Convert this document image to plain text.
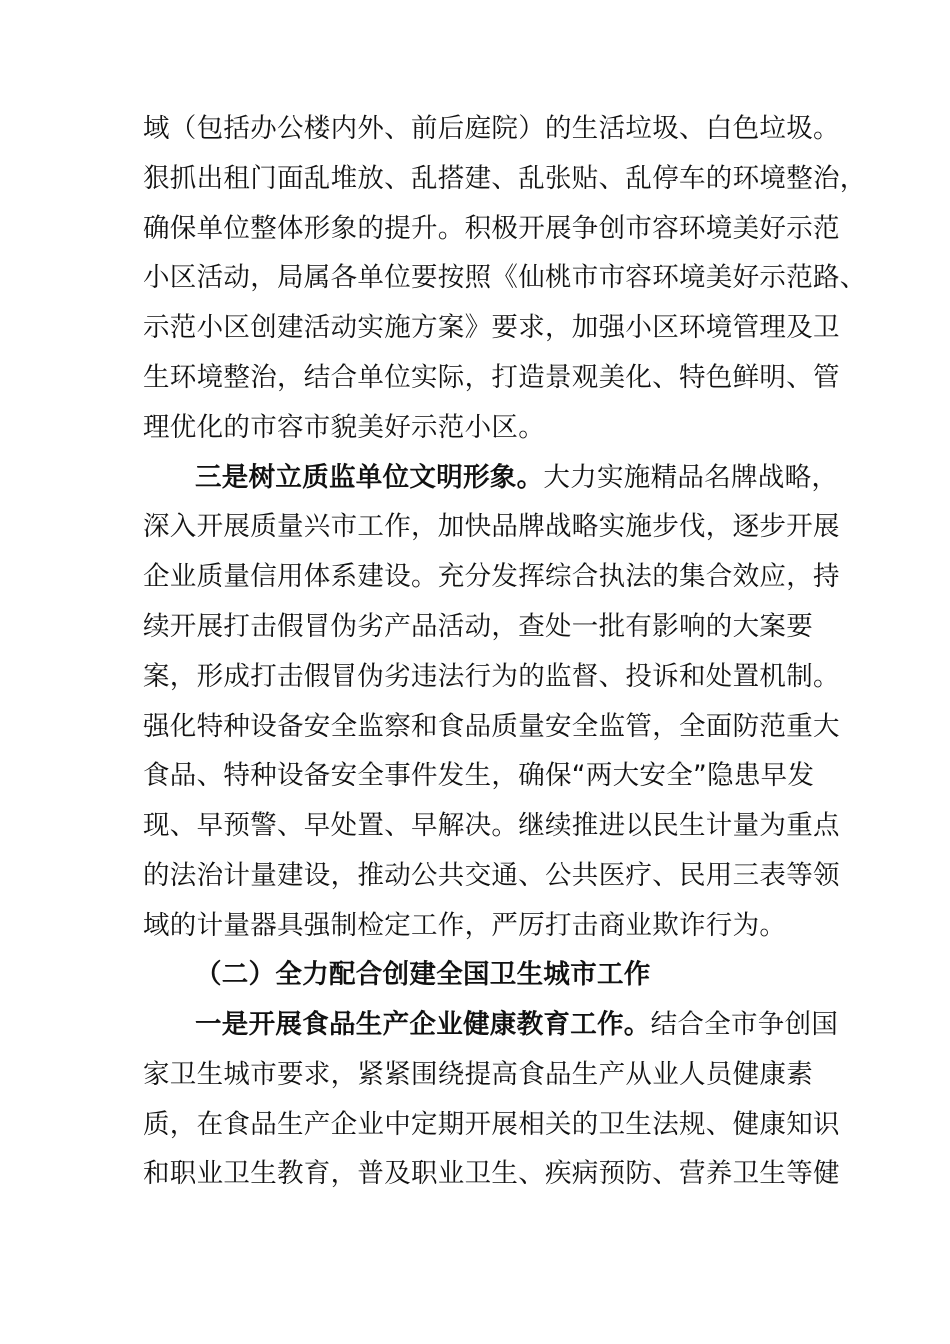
域（包括办公楼内外、前后庭院）的生活垃圾、白色垃圾。
狠抓出租门面乱堆放、乱搭建、乱张贴、乱停车的环境整治，
确保单位整体形象的提升。积极开展争创市容环境美好示范
小区活动，局属各单位要按照《仙桃市市容环境美好示范路、
示范小区创建活动实施方案》要求，加强小区环境管理及卫
生环境整治，结合单位实际，打造景观美化、特色鲜明、管
理优化的市容市貌美好示范小区。
三是树立质监单位文明形象。大力实施精品名牌战略，
深入开展质量兴市工作，加快品牌战略实施步伐，逐步开展
企业质量信用体系建设。充分发挥综合执法的集合效应，持
续开展打击假冒伪劣产品活动，查处一批有影响的大案要
案，形成打击假冒伪劣违法行为的监督、投诉和处置机制。
强化特种设备安全监察和食品质量安全监管，全面防范重大
食品、特种设备安全事件发生，确保“两大安全”隐患早发
现、早预警、早处置、早解决。继续推进以民生计量为重点
的法治计量建设，推动公共交通、公共医疗、民用三表等领
域的计量器具强制检定工作，严厉打击商业欺诈行为。
（二）全力配合创建全国卫生城市工作
一是开展食品生产企业健康教育工作。结合全市争创国
家卫生城市要求，紧紧围绕提高食品生产从业人员健康素
质，在食品生产企业中定期开展相关的卫生法规、健康知识
和职业卫生教育，普及职业卫生、疾病预防、营养卫生等健
